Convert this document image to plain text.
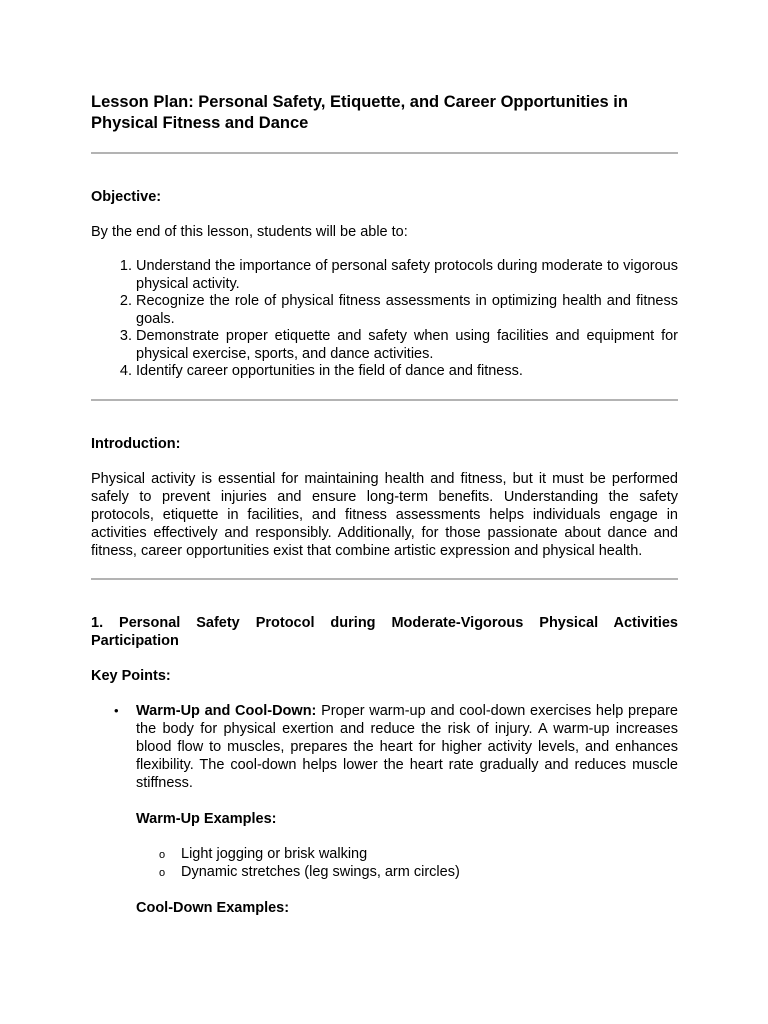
Lesson Plan: Personal Safety, Etiquette, and Career Opportunities in Physical Fitness and Dance
Objective:
By the end of this lesson, students will be able to:
1. Understand the importance of personal safety protocols during moderate to vigorous physical activity.
2. Recognize the role of physical fitness assessments in optimizing health and fitness goals.
3. Demonstrate proper etiquette and safety when using facilities and equipment for physical exercise, sports, and dance activities.
4. Identify career opportunities in the field of dance and fitness.
Introduction:
Physical activity is essential for maintaining health and fitness, but it must be performed safely to prevent injuries and ensure long-term benefits. Understanding the safety protocols, etiquette in facilities, and fitness assessments helps individuals engage in activities effectively and responsibly. Additionally, for those passionate about dance and fitness, career opportunities exist that combine artistic expression and physical health.
1. Personal Safety Protocol during Moderate-Vigorous Physical Activities Participation
Key Points:
• Warm-Up and Cool-Down: Proper warm-up and cool-down exercises help prepare the body for physical exertion and reduce the risk of injury. A warm-up increases blood flow to muscles, prepares the heart for higher activity levels, and enhances flexibility. The cool-down helps lower the heart rate gradually and reduces muscle stiffness.
Warm-Up Examples:
o Light jogging or brisk walking
o Dynamic stretches (leg swings, arm circles)
Cool-Down Examples:
